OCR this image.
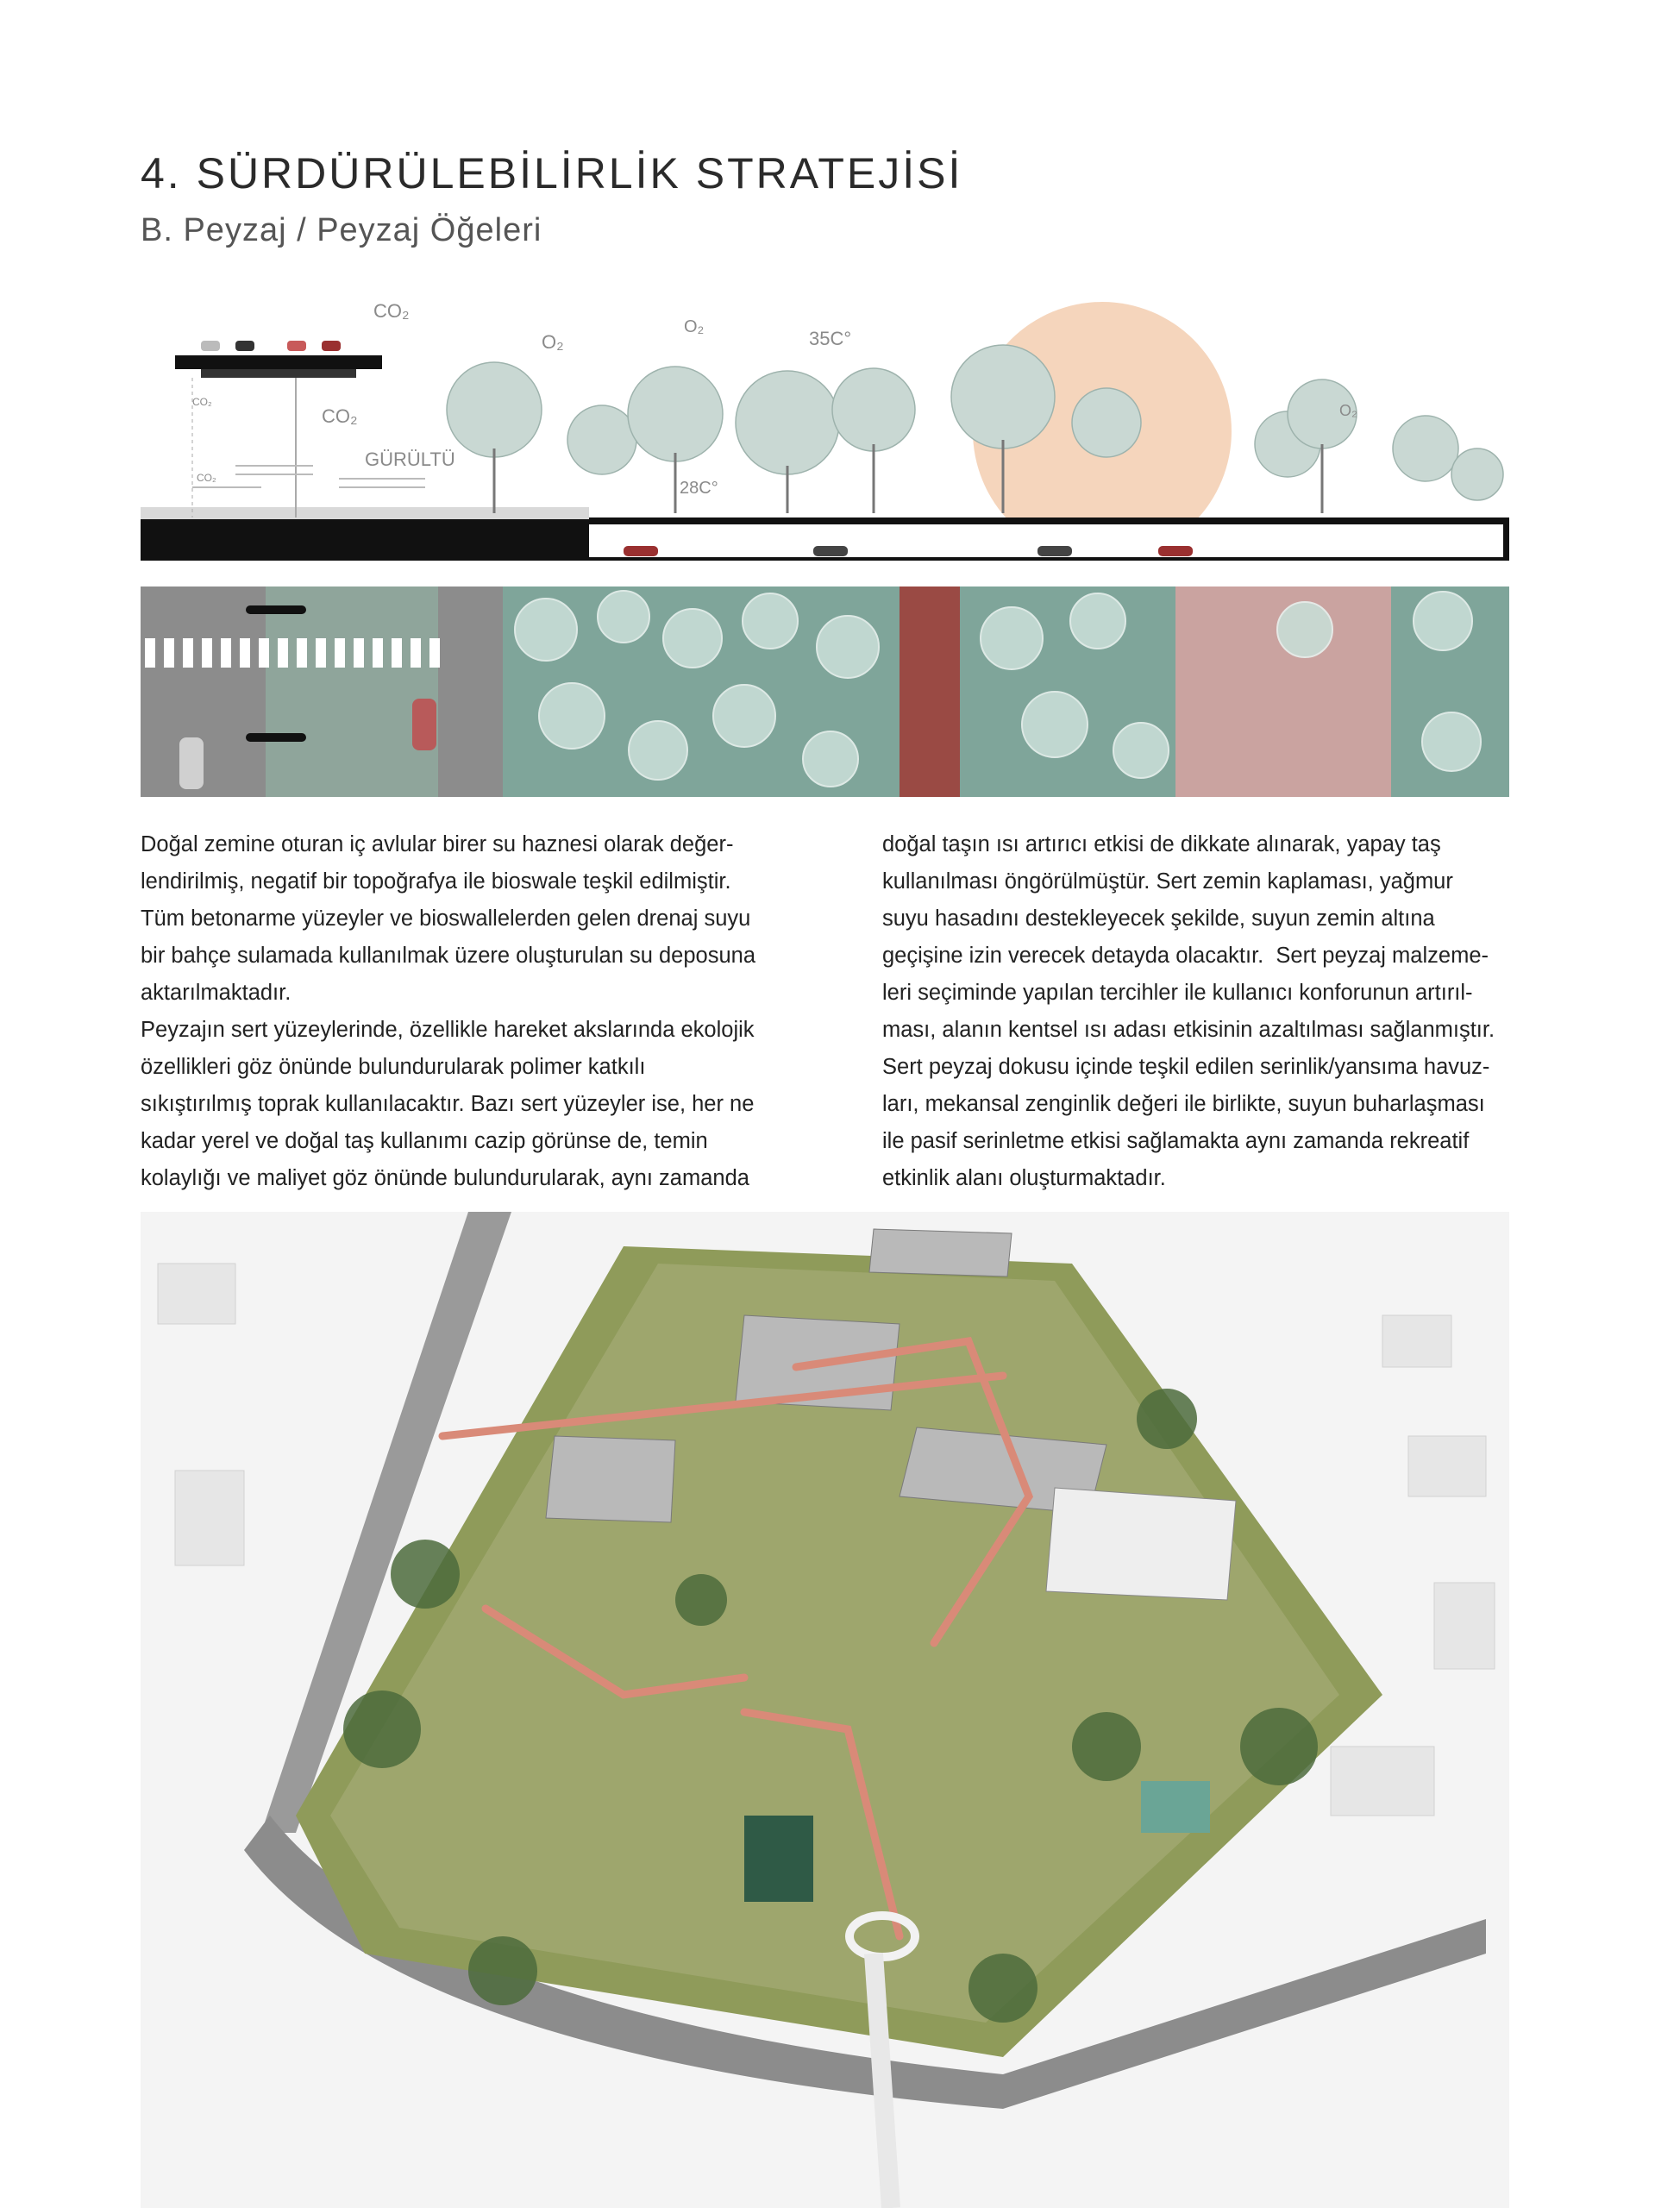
4. SÜRDÜRÜLEBİLİRLİK STRATEJİSİ
B. Peyzaj / Peyzaj Öğeleri
CO₂
CO₂
CO₂
CO₂
O₂
O₂
O₂
35C°
28C°
GÜRÜLTÜ
Doğal zemine oturan iç avlular birer su haznesi olarak değer-
lendirilmiş, negatif bir topoğrafya ile bioswale teşkil edilmiştir.
Tüm betonarme yüzeyler ve bioswallelerden gelen drenaj suyu
bir bahçe sulamada kullanılmak üzere oluşturulan su deposuna
aktarılmaktadır.
Peyzajın sert yüzeylerinde, özellikle hareket akslarında ekolojik
özellikleri göz önünde bulundurularak polimer katkılı
sıkıştırılmış toprak kullanılacaktır. Bazı sert yüzeyler ise, her ne
kadar yerel ve doğal taş kullanımı cazip görünse de, temin
kolaylığı ve maliyet göz önünde bulundurularak, aynı zamanda
doğal taşın ısı artırıcı etkisi de dikkate alınarak, yapay taş
kullanılması öngörülmüştür. Sert zemin kaplaması, yağmur
suyu hasadını destekleyecek şekilde, suyun zemin altına
geçişine izin verecek detayda olacaktır.  Sert peyzaj malzeme-
leri seçiminde yapılan tercihler ile kullanıcı konforunun artırıl-
ması, alanın kentsel ısı adası etkisinin azaltılması sağlanmıştır.
Sert peyzaj dokusu içinde teşkil edilen serinlik/yansıma havuz-
ları, mekansal zenginlik değeri ile birlikte, suyun buharlaşması
ile pasif serinletme etkisi sağlamakta aynı zamanda rekreatif
etkinlik alanı oluşturmaktadır.
